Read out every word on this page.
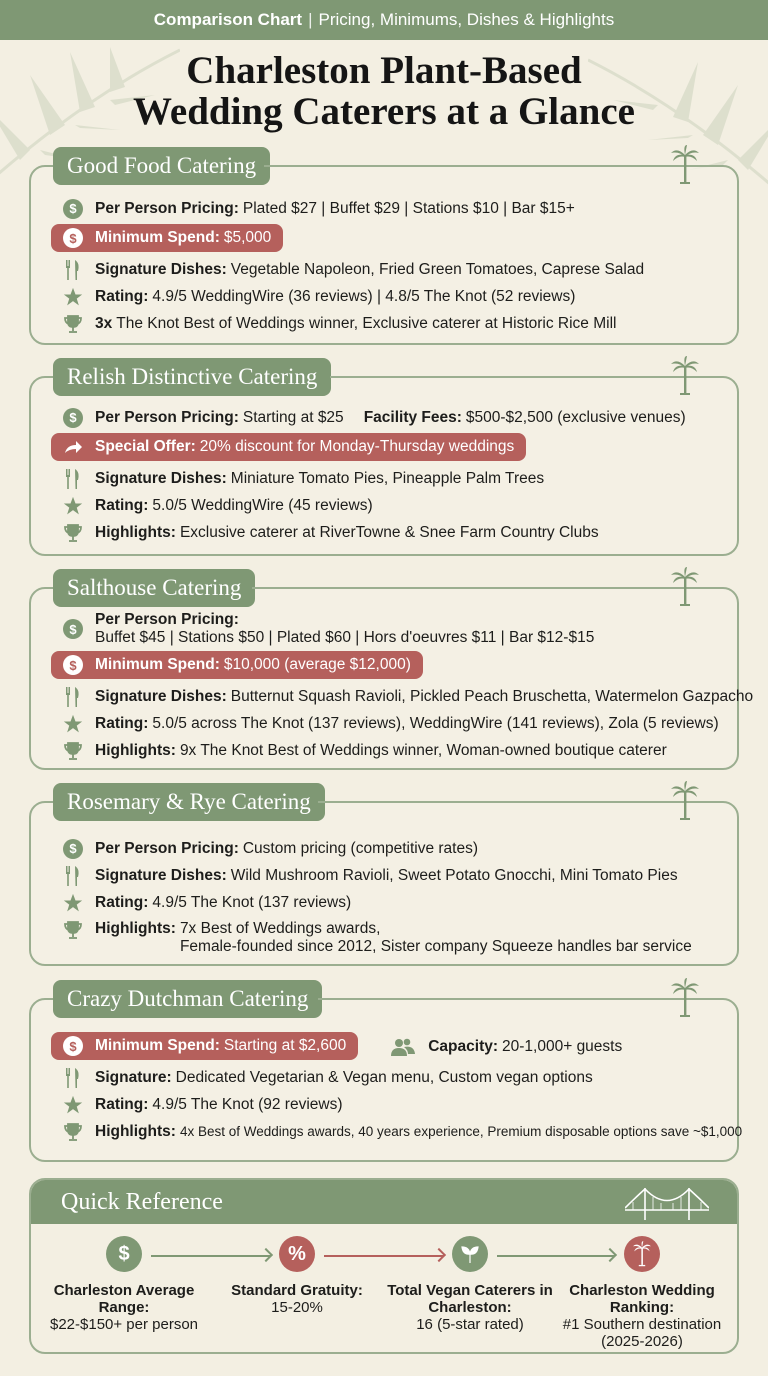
Comparison Chart | Pricing, Minimums, Dishes & Highlights
Charleston Plant-Based
Wedding Caterers at a Glance
Good Food Catering
$	Per Person Pricing: Plated $27 | Buffet $29 | Stations $10 | Bar $15+
$	Minimum Spend: $5,000
Signature Dishes: Vegetable Napoleon, Fried Green Tomatoes, Caprese Salad
Rating: 4.9/5 WeddingWire (36 reviews) | 4.8/5 The Knot (52 reviews)
3x The Knot Best of Weddings winner, Exclusive caterer at Historic Rice Mill
Relish Distinctive Catering
$	Per Person Pricing: Starting at $25 Facility Fees: $500-$2,500 (exclusive venues)
Special Offer: 20% discount for Monday-Thursday weddings
Signature Dishes: Miniature Tomato Pies, Pineapple Palm Trees
Rating: 5.0/5 WeddingWire (45 reviews)
Highlights: Exclusive caterer at RiverTowne & Snee Farm Country Clubs
Salthouse Catering
$
Per Person Pricing:
Buffet $45 | Stations $50 | Plated $60 | Hors d'oeuvres $11 | Bar $12-$15
$	Minimum Spend: $10,000 (average $12,000)
Signature Dishes: Butternut Squash Ravioli, Pickled Peach Bruschetta, Watermelon Gazpacho
Rating: 5.0/5 across The Knot (137 reviews), WeddingWire (141 reviews), Zola (5 reviews)
Highlights: 9x The Knot Best of Weddings winner, Woman-owned boutique caterer
Rosemary & Rye Catering
$	Per Person Pricing: Custom pricing (competitive rates)
Signature Dishes: Wild Mushroom Ravioli, Sweet Potato Gnocchi, Mini Tomato Pies
Rating: 4.9/5 The Knot (137 reviews)
Highlights: 7x Best of Weddings awards,
Female-founded since 2012, Sister company Squeeze handles bar service
Crazy Dutchman Catering
$	Minimum Spend: Starting at $2,600	Capacity: 20-1,000+ guests
Signature: Dedicated Vegetarian & Vegan menu, Custom vegan options
Rating: 4.9/5 The Knot (92 reviews)
Highlights: 4x Best of Weddings awards, 40 years experience, Premium disposable options save ~$1,000
Quick Reference
$
Charleston Average Range:
$22-$150+ per person
%
Standard Gratuity:
15-20%
Total Vegan Caterers in Charleston:
16 (5-star rated)
Charleston Wedding Ranking:
#1 Southern destination (2025-2026)
